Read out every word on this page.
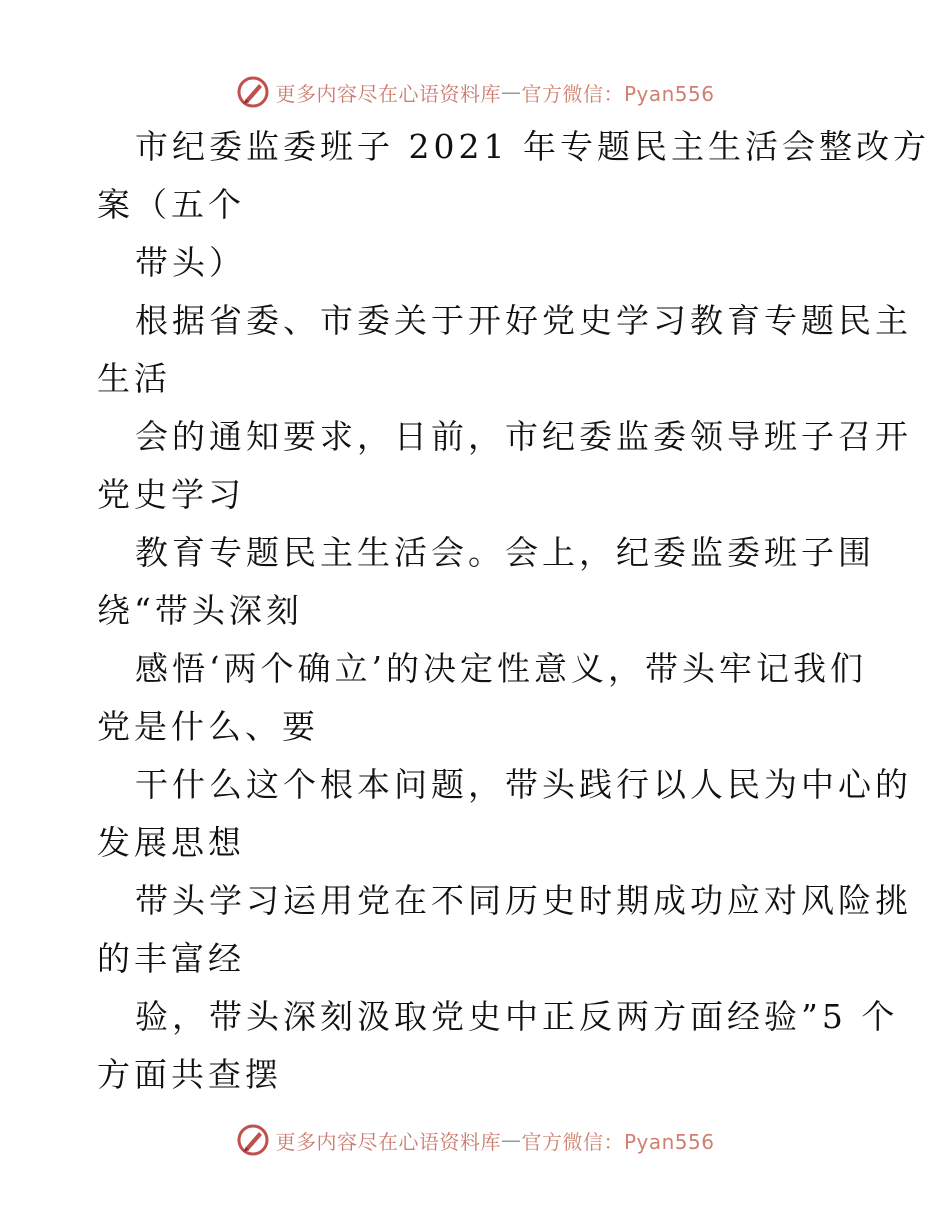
更多内容尽在心语资料库 — 官方微信：Pyan556
市纪委监委班子 2021 年专题民主生活会整改方
案（五个
带头）
根据省委、市委关于开好党史学习教育专题民主
生活
会的通知要求，日前，市纪委监委领导班子召开
党史学习
教育专题民主生活会。会上，纪委监委班子围
绕“带头深刻
感悟‘两个确立’的决定性意义，带头牢记我们
党是什么、要
干什么这个根本问题，带头践行以人民为中心的
发展思想
带头学习运用党在不同历史时期成功应对风险挑
的丰富经
验，带头深刻汲取党史中正反两方面经验”5 个
方面共查摆
更多内容尽在心语资料库 — 官方微信：Pyan556
